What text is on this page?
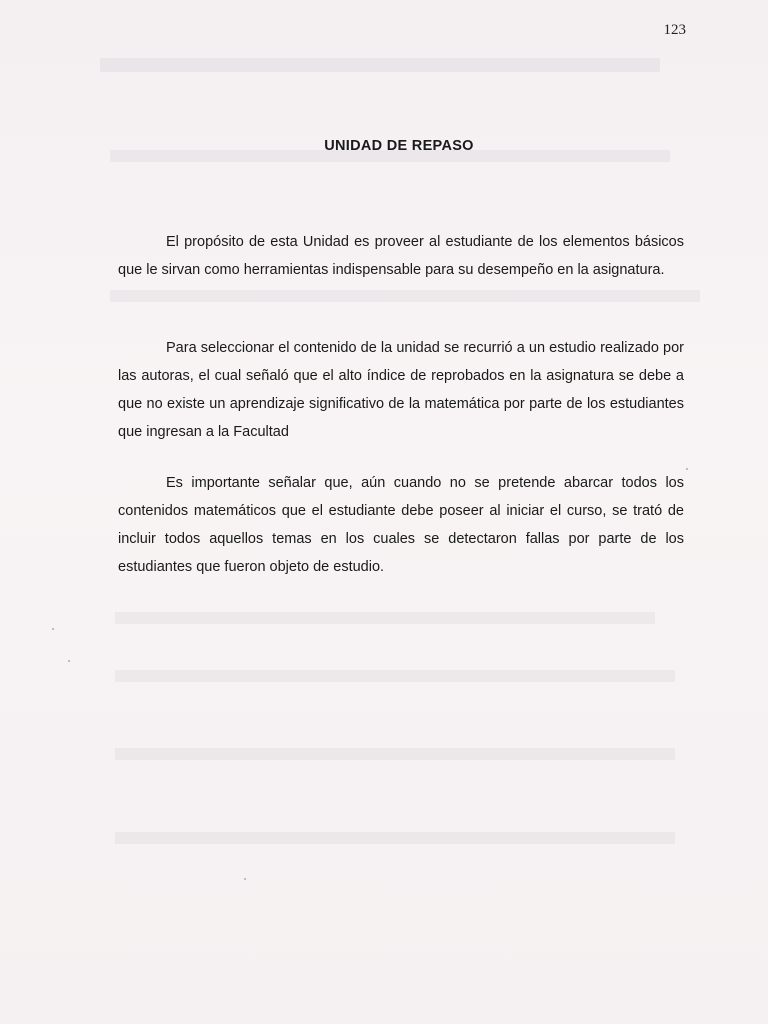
123
UNIDAD DE REPASO

El propósito de esta Unidad es proveer al estudiante de los elementos básicos que le sirvan como herramientas indispensable para su desempeño en la asignatura.

Para seleccionar el contenido de la unidad se recurrió a un estudio realizado por las autoras, el cual señaló que el alto índice de reprobados en la asignatura se debe a que no existe un aprendizaje significativo de la matemática por parte de los estudiantes que ingresan a la Facultad

Es importante señalar que, aún cuando no se pretende abarcar todos los contenidos matemáticos que el estudiante debe poseer al iniciar el curso, se trató de incluir todos aquellos temas en los cuales se detectaron fallas por parte de los estudiantes que fueron objeto de estudio.
